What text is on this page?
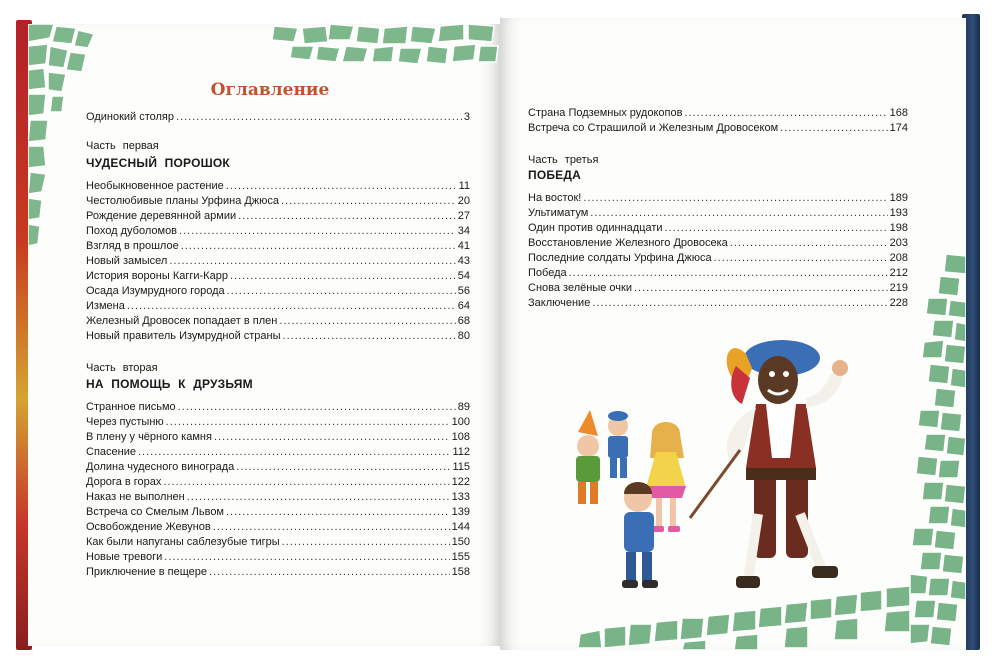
Оглавление
Одинокий столяр .....	3
Часть первая
ЧУДЕСНЫЙ ПОРОШОК
Необыкновенное растение .....	11
Честолюбивые планы Урфина Джюса .....	20
Рождение деревянной армии .....	27
Поход дуболомов .....	34
Взгляд в прошлое .....	41
Новый замысел .....	43
История вороны Кагги-Карр .....	54
Осада Изумрудного города .....	56
Измена .....	64
Железный Дровосек попадает в плен .....	68
Новый правитель Изумрудной страны .....	80
Часть вторая
НА ПОМОЩЬ К ДРУЗЬЯМ
Странное письмо .....	89
Через пустыню .....	100
В плену у чёрного камня .....	108
Спасение .....	112
Долина чудесного винограда .....	115
Дорога в горах .....	122
Наказ не выполнен .....	133
Встреча со Смелым Львом .....	139
Освобождение Жевунов .....	144
Как были напуганы саблезубые тигры .....	150
Новые тревоги .....	155
Приключение в пещере .....	158
Страна Подземных рудокопов .....	168
Встреча со Страшилой и Железным Дровосеком .....	174
Часть третья
ПОБЕДА
На восток! .....	189
Ультиматум .....	193
Один против одиннадцати .....	198
Восстановление Железного Дровосека .....	203
Последние солдаты Урфина Джюса .....	208
Победа .....	212
Снова зелёные очки .....	219
Заключение .....	228
